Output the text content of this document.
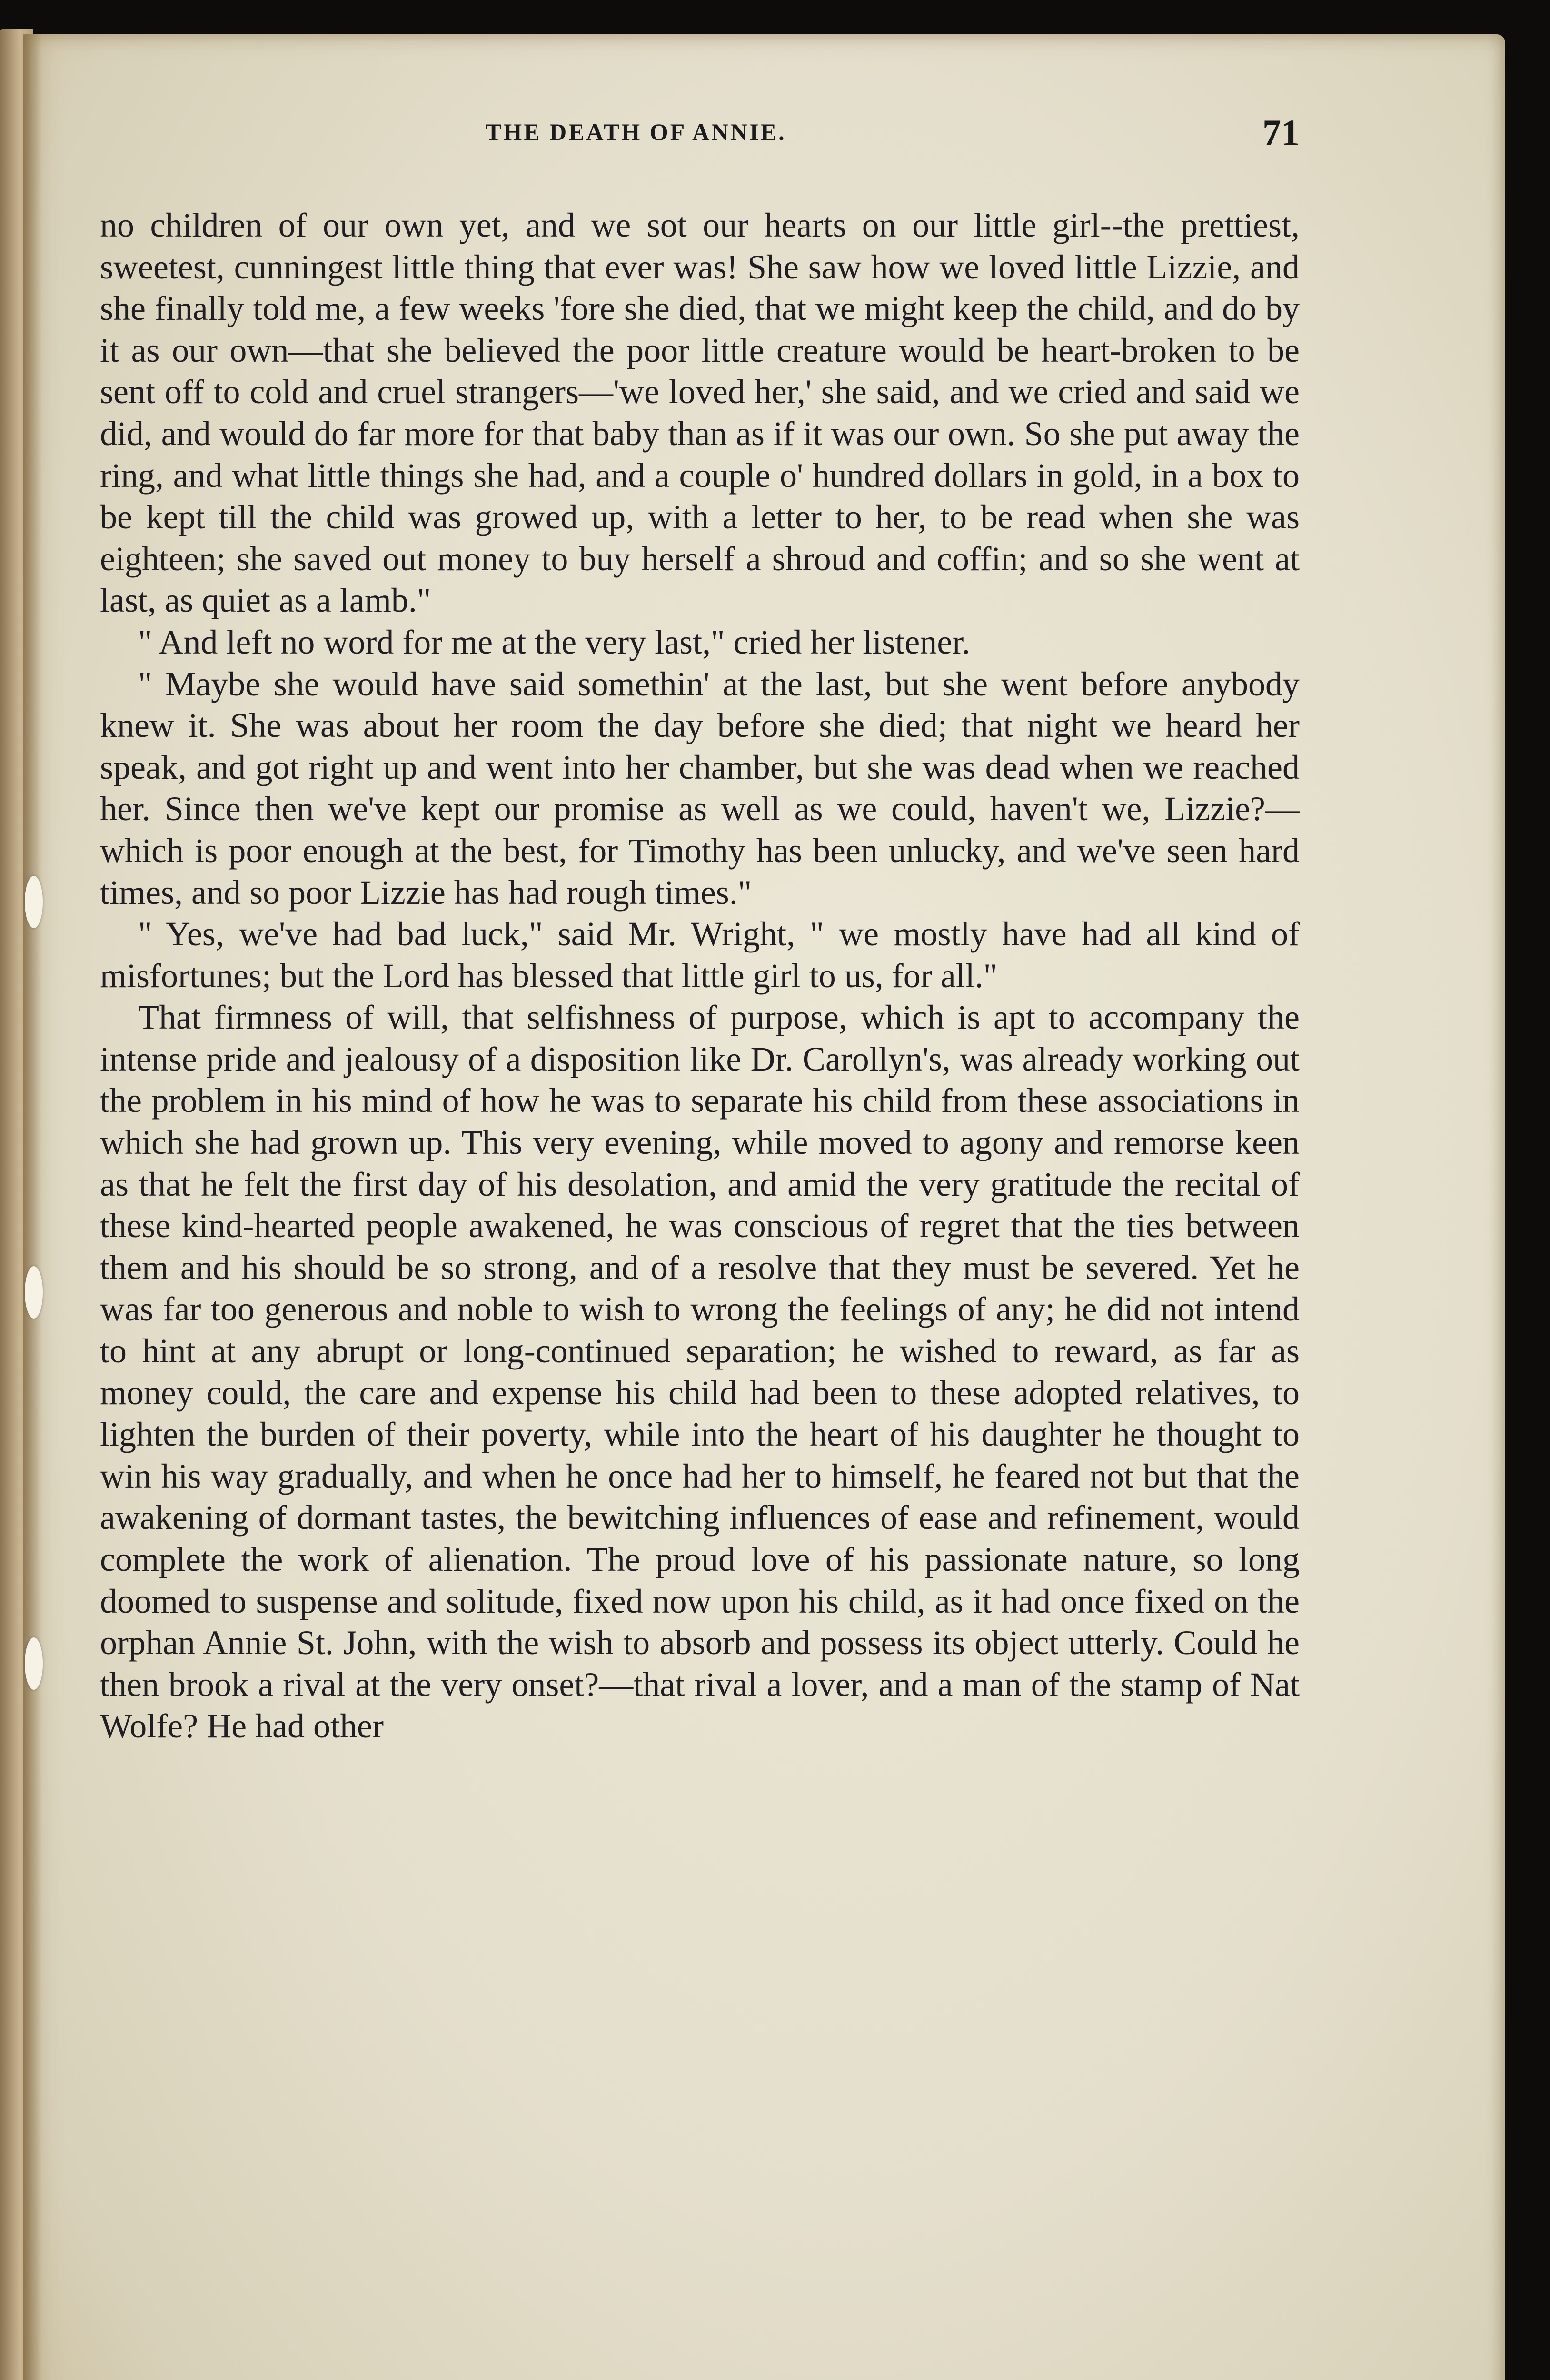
THE DEATH OF ANNIE.	71

no children of our own yet, and we sot our hearts on our little girl--the prettiest, sweetest, cunningest little thing that ever was! She saw how we loved little Lizzie, and she finally told me, a few weeks 'fore she died, that we might keep the child, and do by it as our own—that she believed the poor little creature would be heart-broken to be sent off to cold and cruel strangers—'we loved her,' she said, and we cried and said we did, and would do far more for that baby than as if it was our own. So she put away the ring, and what little things she had, and a couple o' hundred dollars in gold, in a box to be kept till the child was growed up, with a letter to her, to be read when she was eighteen; she saved out money to buy herself a shroud and coffin; and so she went at last, as quiet as a lamb."

" And left no word for me at the very last," cried her listener.

" Maybe she would have said somethin' at the last, but she went before anybody knew it. She was about her room the day before she died; that night we heard her speak, and got right up and went into her chamber, but she was dead when we reached her. Since then we've kept our promise as well as we could, haven't we, Lizzie?—which is poor enough at the best, for Timothy has been unlucky, and we've seen hard times, and so poor Lizzie has had rough times."

" Yes, we've had bad luck," said Mr. Wright, " we mostly have had all kind of misfortunes; but the Lord has blessed that little girl to us, for all."

That firmness of will, that selfishness of purpose, which is apt to accompany the intense pride and jealousy of a disposition like Dr. Carollyn's, was already working out the problem in his mind of how he was to separate his child from these associations in which she had grown up. This very evening, while moved to agony and remorse keen as that he felt the first day of his desolation, and amid the very gratitude the recital of these kind-hearted people awakened, he was conscious of regret that the ties between them and his should be so strong, and of a resolve that they must be severed. Yet he was far too generous and noble to wish to wrong the feelings of any; he did not intend to hint at any abrupt or long-continued separation; he wished to reward, as far as money could, the care and expense his child had been to these adopted relatives, to lighten the burden of their poverty, while into the heart of his daughter he thought to win his way gradually, and when he once had her to himself, he feared not but that the awakening of dormant tastes, the bewitching influences of ease and refinement, would complete the work of alienation. The proud love of his passionate nature, so long doomed to suspense and solitude, fixed now upon his child, as it had once fixed on the orphan Annie St. John, with the wish to absorb and possess its object utterly. Could he then brook a rival at the very onset?—that rival a lover, and a man of the stamp of Nat Wolfe? He had other
